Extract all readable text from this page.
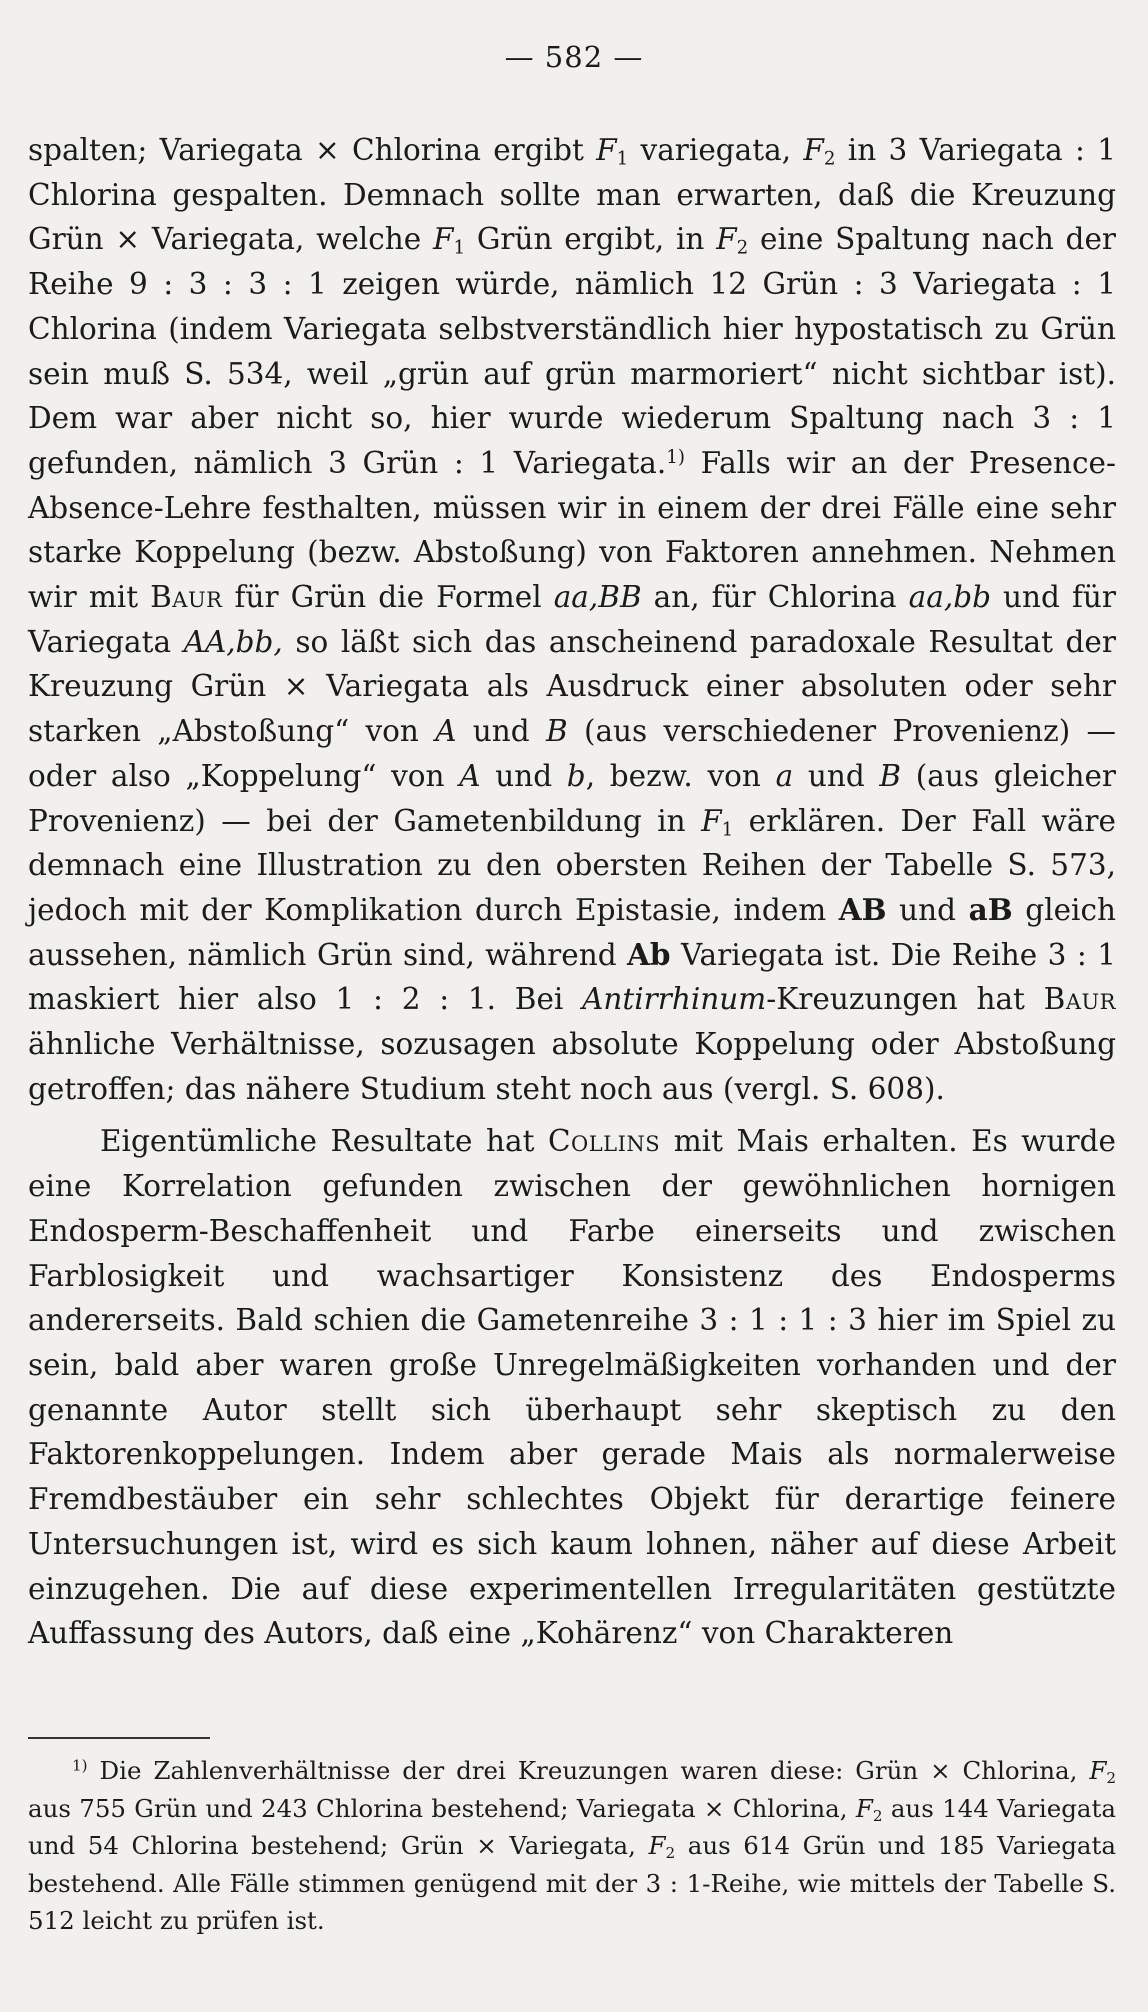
— 582 —

spalten; Variegata × Chlorina ergibt $F_1$ variegata, $F_2$ in 3 Variegata : 1 Chlorina gespalten. Demnach sollte man erwarten, daß die Kreuzung Grün × Variegata, welche $F_1$ Grün ergibt, in $F_2$ eine Spaltung nach der Reihe 9 : 3 : 3 : 1 zeigen würde, nämlich 12 Grün : 3 Variegata : 1 Chlorina (indem Variegata selbstverständlich hier hypostatisch zu Grün sein muß S. 534, weil „grün auf grün marmoriert“ nicht sichtbar ist). Dem war aber nicht so, hier wurde wiederum Spaltung nach 3 : 1 gefunden, nämlich 3 Grün : 1 Variegata.$^{1)}$ Falls wir an der Presence-Absence-Lehre festhalten, müssen wir in einem der drei Fälle eine sehr starke Koppelung (bezw. Abstoßung) von Faktoren annehmen. Nehmen wir mit Baur für Grün die Formel aa,BB an, für Chlorina aa,bb und für Variegata AA,bb, so läßt sich das anscheinend paradoxale Resultat der Kreuzung Grün × Variegata als Ausdruck einer absoluten oder sehr starken „Abstoßung“ von A und B (aus verschiedener Provenienz) — oder also „Koppelung“ von A und b, bezw. von a und B (aus gleicher Provenienz) — bei der Gametenbildung in $F_1$ erklären. Der Fall wäre demnach eine Illustration zu den obersten Reihen der Tabelle S. 573, jedoch mit der Komplikation durch Epistasie, indem AB und aB gleich aussehen, nämlich Grün sind, während Ab Variegata ist. Die Reihe 3 : 1 maskiert hier also 1 : 2 : 1. Bei Antirrhinum-Kreuzungen hat Baur ähnliche Verhältnisse, sozusagen absolute Koppelung oder Abstoßung getroffen; das nähere Studium steht noch aus (vergl. S. 608).

Eigentümliche Resultate hat Collins mit Mais erhalten. Es wurde eine Korrelation gefunden zwischen der gewöhnlichen hornigen Endosperm-Beschaffenheit und Farbe einerseits und zwischen Farblosigkeit und wachsartiger Konsistenz des Endosperms andererseits. Bald schien die Gametenreihe 3 : 1 : 1 : 3 hier im Spiel zu sein, bald aber waren große Unregelmäßigkeiten vorhanden und der genannte Autor stellt sich überhaupt sehr skeptisch zu den Faktorenkoppelungen. Indem aber gerade Mais als normalerweise Fremdbestäuber ein sehr schlechtes Objekt für derartige feinere Untersuchungen ist, wird es sich kaum lohnen, näher auf diese Arbeit einzugehen. Die auf diese experimentellen Irregularitäten gestützte Auffassung des Autors, daß eine „Kohärenz“ von Charakteren

$^{1)}$ Die Zahlenverhältnisse der drei Kreuzungen waren diese: Grün × Chlorina, $F_2$ aus 755 Grün und 243 Chlorina bestehend; Variegata × Chlorina, $F_2$ aus 144 Variegata und 54 Chlorina bestehend; Grün × Variegata, $F_2$ aus 614 Grün und 185 Variegata bestehend. Alle Fälle stimmen genügend mit der 3 : 1-Reihe, wie mittels der Tabelle S. 512 leicht zu prüfen ist.
